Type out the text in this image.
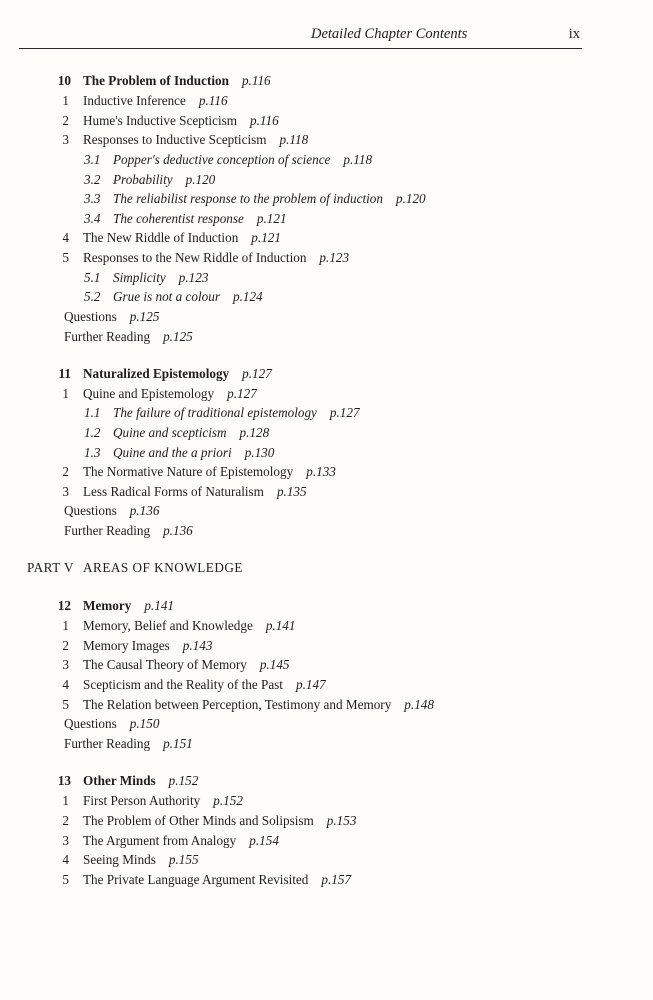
Detailed Chapter Contents	ix
10 The Problem of Induction p.116
1 Inductive Inference p.116
2 Hume's Inductive Scepticism p.116
3 Responses to Inductive Scepticism p.118
3.1 Popper's deductive conception of science p.118
3.2 Probability p.120
3.3 The reliabilist response to the problem of induction p.120
3.4 The coherentist response p.121
4 The New Riddle of Induction p.121
5 Responses to the New Riddle of Induction p.123
5.1 Simplicity p.123
5.2 Grue is not a colour p.124
Questions p.125
Further Reading p.125
11 Naturalized Epistemology p.127
1 Quine and Epistemology p.127
1.1 The failure of traditional epistemology p.127
1.2 Quine and scepticism p.128
1.3 Quine and the a priori p.130
2 The Normative Nature of Epistemology p.133
3 Less Radical Forms of Naturalism p.135
Questions p.136
Further Reading p.136
PART V AREAS OF KNOWLEDGE
12 Memory p.141
1 Memory, Belief and Knowledge p.141
2 Memory Images p.143
3 The Causal Theory of Memory p.145
4 Scepticism and the Reality of the Past p.147
5 The Relation between Perception, Testimony and Memory p.148
Questions p.150
Further Reading p.151
13 Other Minds p.152
1 First Person Authority p.152
2 The Problem of Other Minds and Solipsism p.153
3 The Argument from Analogy p.154
4 Seeing Minds p.155
5 The Private Language Argument Revisited p.157
